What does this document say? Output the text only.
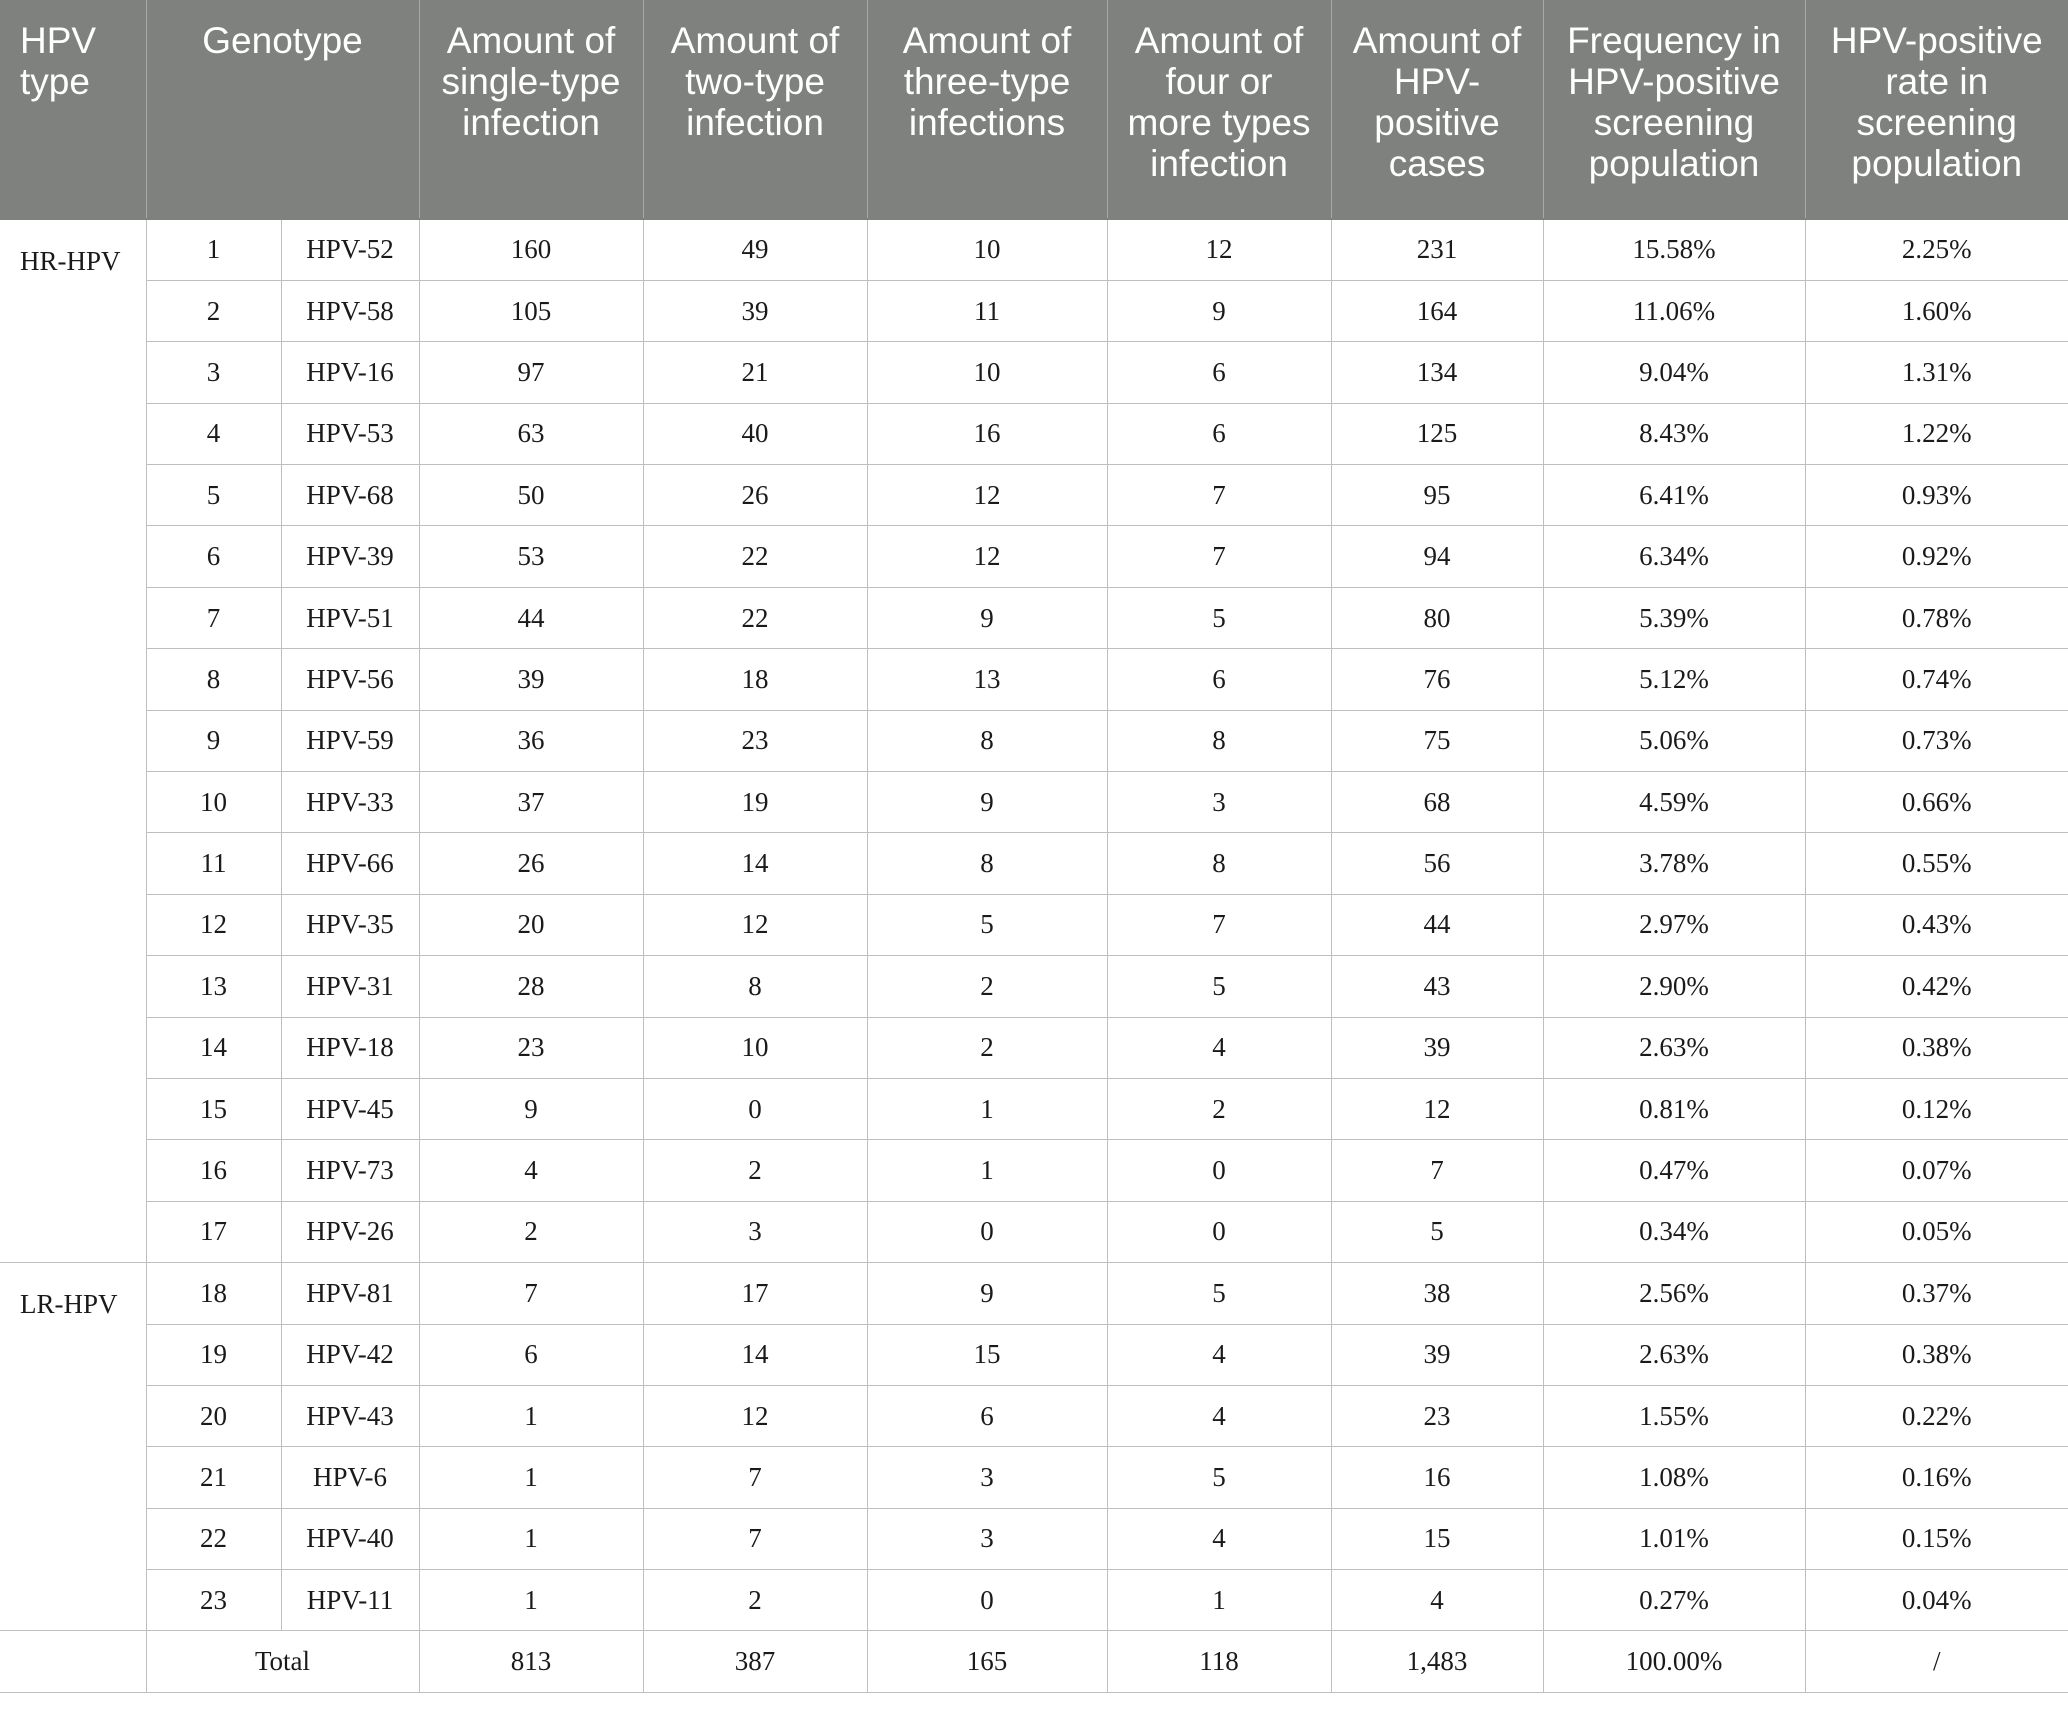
HPV type	Genotype		Amount of single-type infection	Amount of two-type infection	Amount of three-type infections	Amount of four or more types infection	Amount of HPV-positive cases	Frequency in HPV-positive screening population	HPV-positive rate in screening population
HR-HPV	1	HPV-52	160	49	10	12	231	15.58%	2.25%
	2	HPV-58	105	39	11	9	164	11.06%	1.60%
	3	HPV-16	97	21	10	6	134	9.04%	1.31%
	4	HPV-53	63	40	16	6	125	8.43%	1.22%
	5	HPV-68	50	26	12	7	95	6.41%	0.93%
	6	HPV-39	53	22	12	7	94	6.34%	0.92%
	7	HPV-51	44	22	9	5	80	5.39%	0.78%
	8	HPV-56	39	18	13	6	76	5.12%	0.74%
	9	HPV-59	36	23	8	8	75	5.06%	0.73%
	10	HPV-33	37	19	9	3	68	4.59%	0.66%
	11	HPV-66	26	14	8	8	56	3.78%	0.55%
	12	HPV-35	20	12	5	7	44	2.97%	0.43%
	13	HPV-31	28	8	2	5	43	2.90%	0.42%
	14	HPV-18	23	10	2	4	39	2.63%	0.38%
	15	HPV-45	9	0	1	2	12	0.81%	0.12%
	16	HPV-73	4	2	1	0	7	0.47%	0.07%
	17	HPV-26	2	3	0	0	5	0.34%	0.05%
LR-HPV	18	HPV-81	7	17	9	5	38	2.56%	0.37%
	19	HPV-42	6	14	15	4	39	2.63%	0.38%
	20	HPV-43	1	12	6	4	23	1.55%	0.22%
	21	HPV-6	1	7	3	5	16	1.08%	0.16%
	22	HPV-40	1	7	3	4	15	1.01%	0.15%
	23	HPV-11	1	2	0	1	4	0.27%	0.04%
	Total		813	387	165	118	1,483	100.00%	/
